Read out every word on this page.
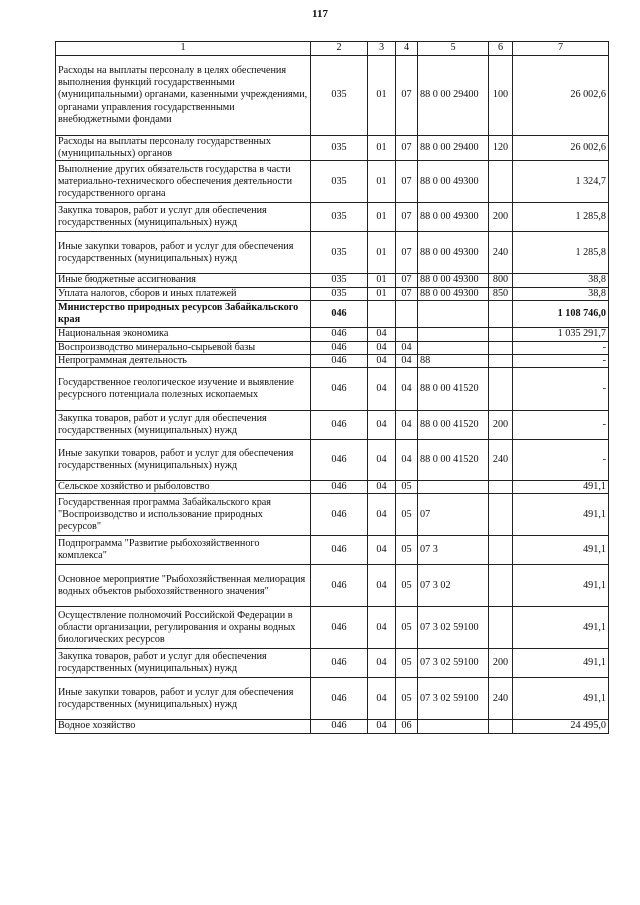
117
1	2	3	4	5	6	7
Расходы на выплаты персоналу в целях обеспечения выполнения функций государственными (муниципальными) органами, казенными учреждениями, органами управления государственными внебюджетными фондами	035	01	07	88 0 00 29400	100	26 002,6
Расходы на выплаты персоналу государственных (муниципальных) органов	035	01	07	88 0 00 29400	120	26 002,6
Выполнение других обязательств государства в части материально-технического обеспечения деятельности государственного органа	035	01	07	88 0 00 49300		1 324,7
Закупка товаров, работ и услуг для обеспечения государственных (муниципальных) нужд	035	01	07	88 0 00 49300	200	1 285,8
Иные закупки товаров, работ и услуг для обеспечения государственных (муниципальных) нужд	035	01	07	88 0 00 49300	240	1 285,8
Иные бюджетные ассигнования	035	01	07	88 0 00 49300	800	38,8
Уплата налогов, сборов и иных платежей	035	01	07	88 0 00 49300	850	38,8
Министерство природных ресурсов Забайкальского края	046					1 108 746,0
Национальная экономика	046	04				1 035 291,7
Воспроизводство минерально-сырьевой базы	046	04	04			-
Непрограммная деятельность	046	04	04	88		-
Государственное геологическое изучение и выявление ресурсного потенциала полезных ископаемых	046	04	04	88 0 00 41520		-
Закупка товаров, работ и услуг для обеспечения государственных (муниципальных) нужд	046	04	04	88 0 00 41520	200	-
Иные закупки товаров, работ и услуг для обеспечения государственных (муниципальных) нужд	046	04	04	88 0 00 41520	240	-
Сельское хозяйство и рыболовство	046	04	05			491,1
Государственная программа Забайкальского края "Воспроизводство и использование природных ресурсов"	046	04	05	07		491,1
Подпрограмма "Развитие рыбохозяйственного комплекса"	046	04	05	07 3		491,1
Основное мероприятие "Рыбохозяйственная мелиорация водных объектов рыбохозяйственного значения"	046	04	05	07 3 02		491,1
Осуществление полномочий Российской Федерации в области организации, регулирования и охраны водных биологических ресурсов	046	04	05	07 3 02 59100		491,1
Закупка товаров, работ и услуг для обеспечения государственных (муниципальных) нужд	046	04	05	07 3 02 59100	200	491,1
Иные закупки товаров, работ и услуг для обеспечения государственных (муниципальных) нужд	046	04	05	07 3 02 59100	240	491,1
Водное хозяйство	046	04	06			24 495,0
